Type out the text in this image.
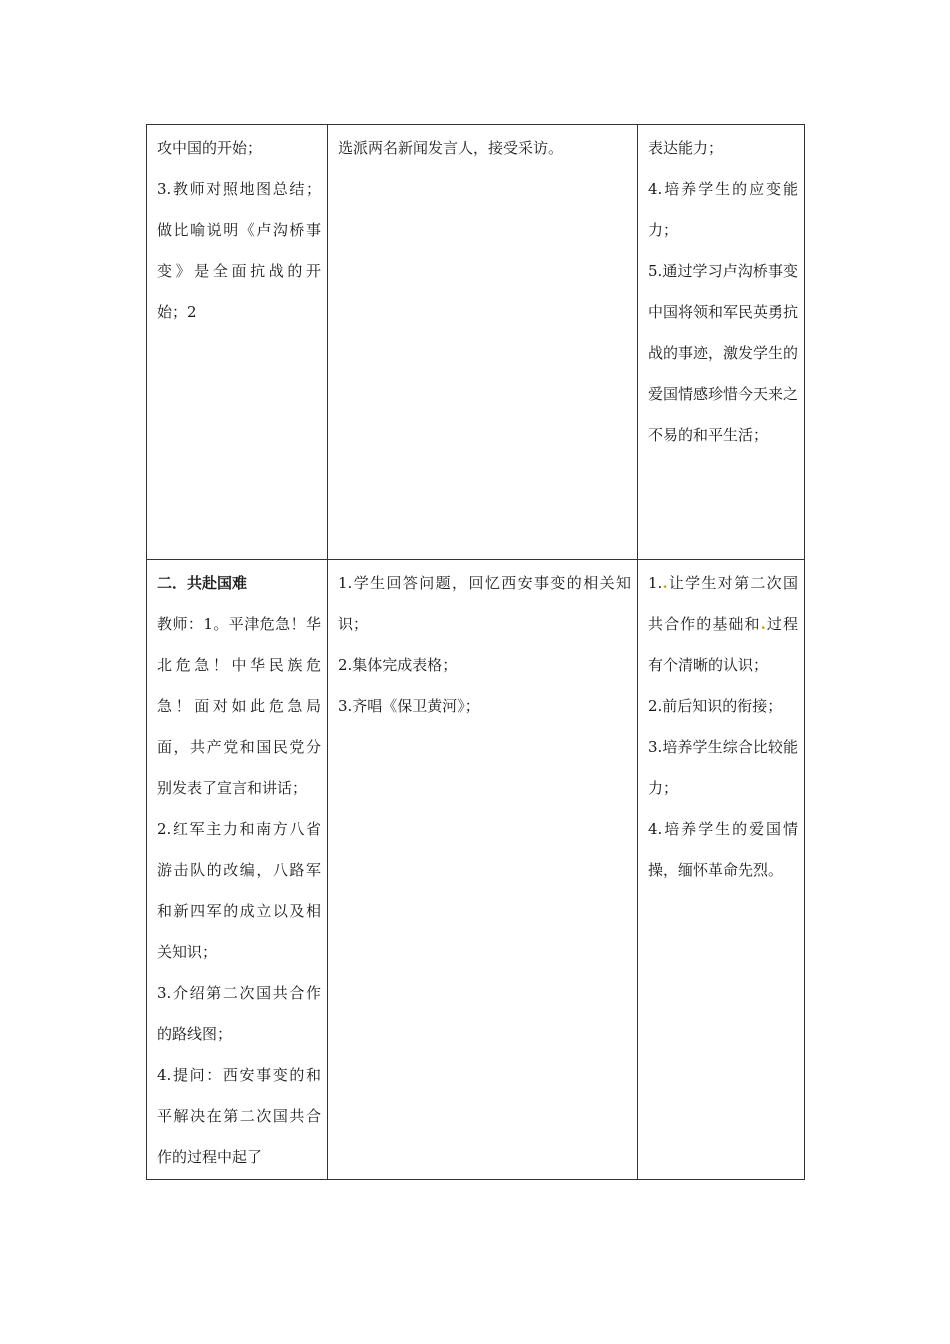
攻中国的开始；
3.教师对照地图总结；做比喻说明《卢沟桥事变》是全面抗战的开始；2	选派两名新闻发言人，接受采访。	表达能力；
4.培养学生的应变能力；
5.通过学习卢沟桥事变中国将领和军民英勇抗战的事迹，激发学生的爱国情感珍惜今天来之不易的和平生活；

二．共赴国难
教师：1。平津危急！华北危急！中华民族危急！面对如此危急局面，共产党和国民党分别发表了宣言和讲话；
2.红军主力和南方八省游击队的改编，八路军和新四军的成立以及相关知识；
3.介绍第二次国共合作的路线图；
4.提问：西安事变的和平解决在第二次国共合作的过程中起了	1.学生回答问题，回忆西安事变的相关知识；
2.集体完成表格；
3.齐唱《保卫黄河》；	1..让学生对第二次国共合作的基础和.过程有个清晰的认识；
2.前后知识的衔接；
3.培养学生综合比较能力；
4.培养学生的爱国情操，缅怀革命先烈。
